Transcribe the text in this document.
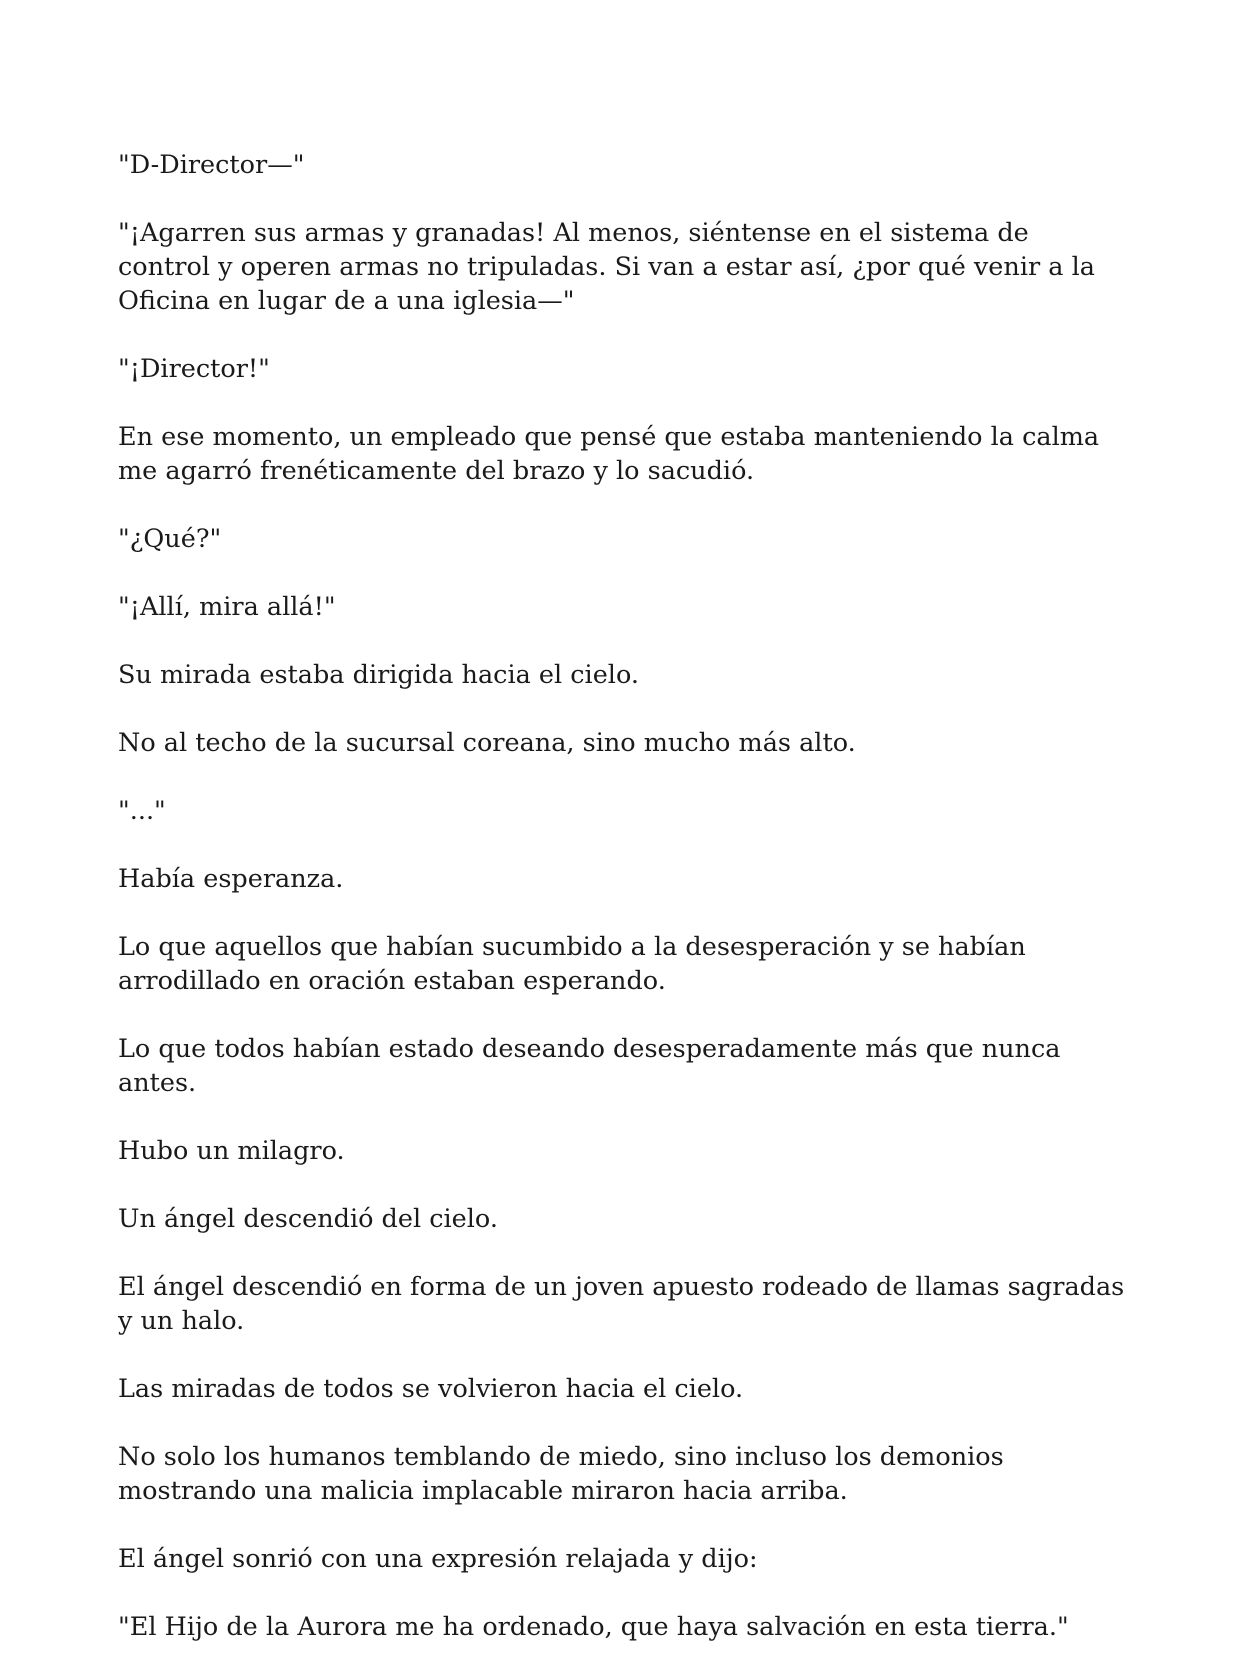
"D-Director—"

"¡Agarren sus armas y granadas! Al menos, siéntense en el sistema de control y operen armas no tripuladas. Si van a estar así, ¿por qué venir a la Oficina en lugar de a una iglesia—"

"¡Director!"

En ese momento, un empleado que pensé que estaba manteniendo la calma me agarró frenéticamente del brazo y lo sacudió.

"¿Qué?"

"¡Allí, mira allá!"

Su mirada estaba dirigida hacia el cielo.

No al techo de la sucursal coreana, sino mucho más alto.

"..."

Había esperanza.

Lo que aquellos que habían sucumbido a la desesperación y se habían arrodillado en oración estaban esperando.

Lo que todos habían estado deseando desesperadamente más que nunca antes.

Hubo un milagro.

Un ángel descendió del cielo.

El ángel descendió en forma de un joven apuesto rodeado de llamas sagradas y un halo.

Las miradas de todos se volvieron hacia el cielo.

No solo los humanos temblando de miedo, sino incluso los demonios mostrando una malicia implacable miraron hacia arriba.

El ángel sonrió con una expresión relajada y dijo:

"El Hijo de la Aurora me ha ordenado, que haya salvación en esta tierra."
